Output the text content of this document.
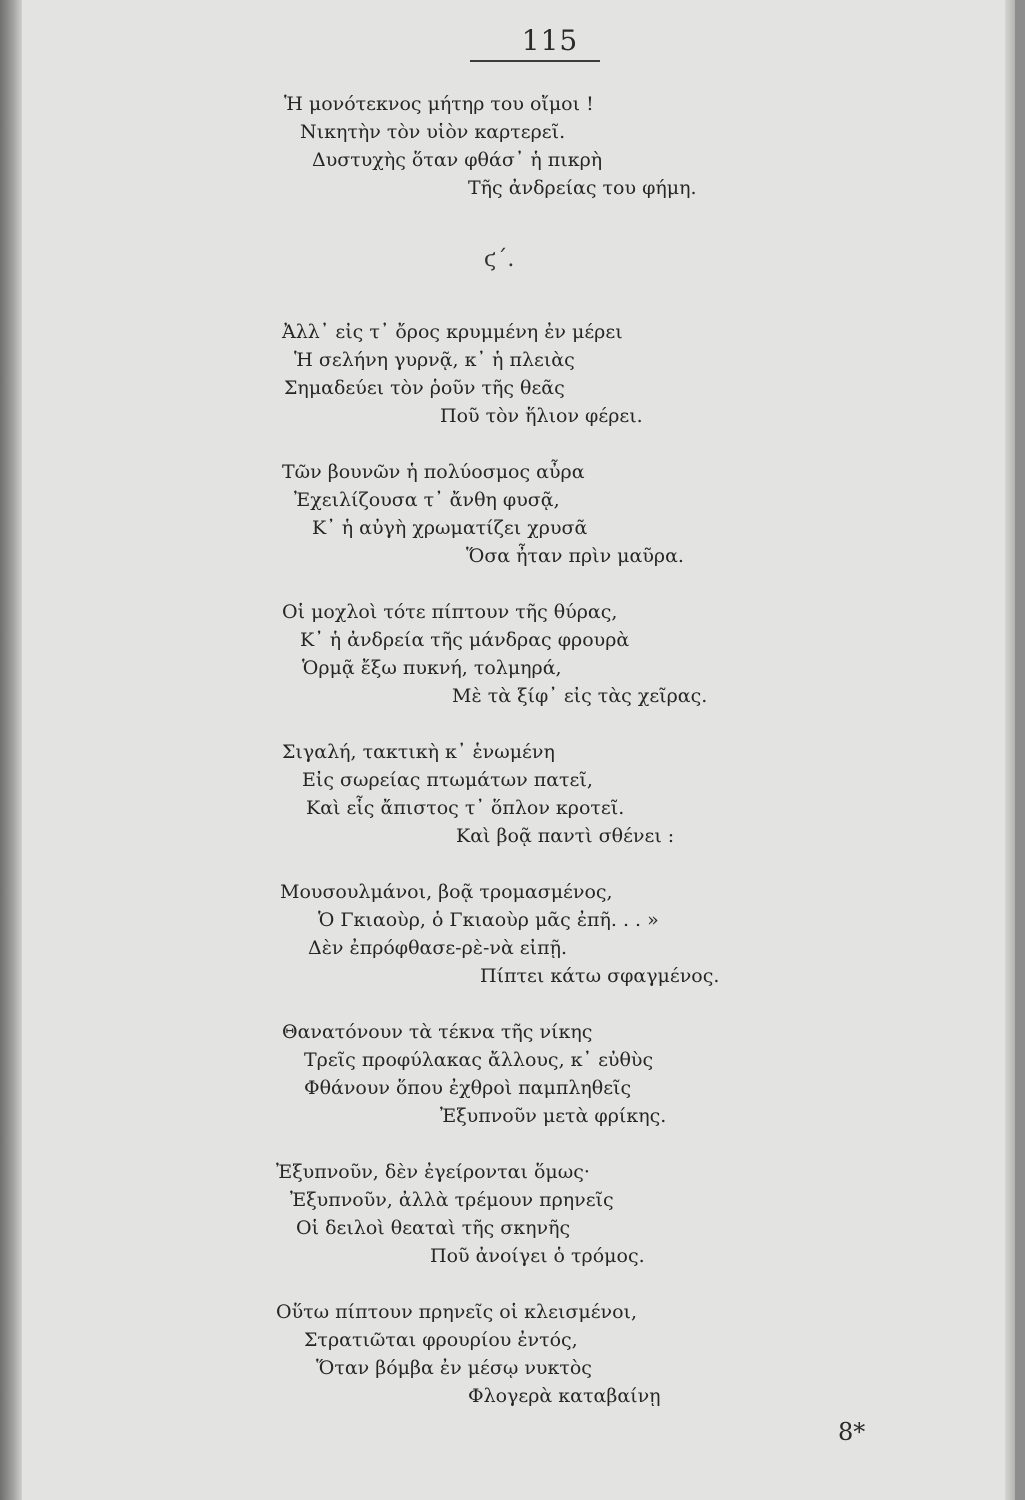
115
Ἡ μονότεκνος μήτηρ του οἴμοι !
Νικητὴν τὸν υἱὸν καρτερεῖ.
Δυστυχὴς ὅταν φθάσ᾽ ἡ πικρὴ
Τῆς ἀνδρείας του φήμη.
ϛ΄.
Ἀλλ᾽ εἰς τ᾽ ὄρος κρυμμένη ἐν μέρει
Ἡ σελήνη γυρνᾷ, κ᾽ ἡ πλειὰς
Σημαδεύει τὸν ῥοῦν τῆς θεᾶς
Ποῦ τὸν ἥλιον φέρει.
Τῶν βουνῶν ἡ πολύοσμος αὖρα
Ἐχειλίζουσα τ᾽ ἄνθη φυσᾷ,
Κ᾽ ἡ αὐγὴ χρωματίζει χρυσᾶ
Ὅσα ἦταν πρὶν μαῦρα.
Οἱ μοχλοὶ τότε πίπτουν τῆς θύρας,
Κ᾽ ἡ ἀνδρεία τῆς μάνδρας φρουρὰ
Ὁρμᾷ ἔξω πυκνή, τολμηρά,
Μὲ τὰ ξίφ᾽ εἰς τὰς χεῖρας.
Σιγαλή, τακτικὴ κ᾽ ἑνωμένη
Εἰς σωρείας πτωμάτων πατεῖ,
Καὶ εἷς ἄπιστος τ᾽ ὅπλον κροτεῖ.
Καὶ βοᾷ παντὶ σθένει :
Μουσουλμάνοι, βοᾷ τρομασμένος,
Ὁ Γκιαοὺρ, ὁ Γκιαοὺρ μᾶς ἐπῆ. . . »
Δὲν ἐπρόφθασε-ρὲ-νὰ εἰπῇ.
Πίπτει κάτω σφαγμένος.
Θανατόνουν τὰ τέκνα τῆς νίκης
Τρεῖς προφύλακας ἄλλους, κ᾽ εὐθὺς
Φθάνουν ὅπου ἐχθροὶ παμπληθεῖς
Ἐξυπνοῦν μετὰ φρίκης.
Ἐξυπνοῦν, δὲν ἐγείρονται ὅμως·
Ἐξυπνοῦν, ἀλλὰ τρέμουν πρηνεῖς
Οἱ δειλοὶ θεαταὶ τῆς σκηνῆς
Ποῦ ἀνοίγει ὁ τρόμος.
Οὕτω πίπτουν πρηνεῖς οἱ κλεισμένοι,
Στρατιῶται φρουρίου ἐντός,
Ὅταν βόμβα ἐν μέσῳ νυκτὸς
Φλογερὰ καταβαίνῃ
8*
